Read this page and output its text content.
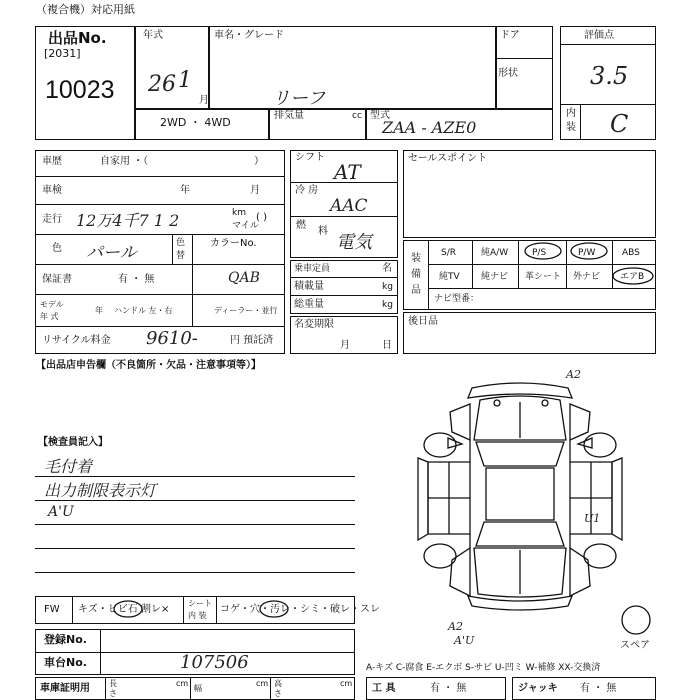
（複合機）対応用紙
出品No.
[2031]
10023
年式
26 1
月
車名・グレード
リーフ
ドア
形状
2WD ・ 4WD
排気量	cc 型式
ZAA - AZE0
評価点
3.5
内
装 C
車歴	自家用 ・（	）
車検	年	月
走行 12万4千7 1 2	km
マイル
( )
色 パール	色
替
カラーNo.
QAB
保証書	有 ・ 無
モデル
年 式
年 ハンドル 左・右	ディーラー・並行
リサイクル料金 9610-	円 預託済
シフト
AT
冷 房
AAC
燃
料
電気
乗車定員	名
積載量	kg
総重量	kg
名変期限
月	日
セールスポイント
装
備
品
S/R	純A/W	P/S	P/W	ABS
純TV 純ナビ 革シート 外ナビ エアB
ナビ型番：
後日品
【出品店申告欄（不良箇所・欠品・注意事項等）】
【検査員記入】
毛付着
出力制限表示灯
A'U
FW キズ・ヒビ石 割レ×
シート
内 装
コゲ・穴・汚レ・シミ・破レ・スレ
登録No.
車台No.	107506
車庫証明用 長
さ
cm
幅
cm 高
さ
cm
A2
A2
A'U
U1
スペア
A-キズ C-腐食 E-エクボ S-サビ U-凹ミ W-補修 XX-交換済
工 具	有 ・ 無	ジャッキ 有 ・ 無
